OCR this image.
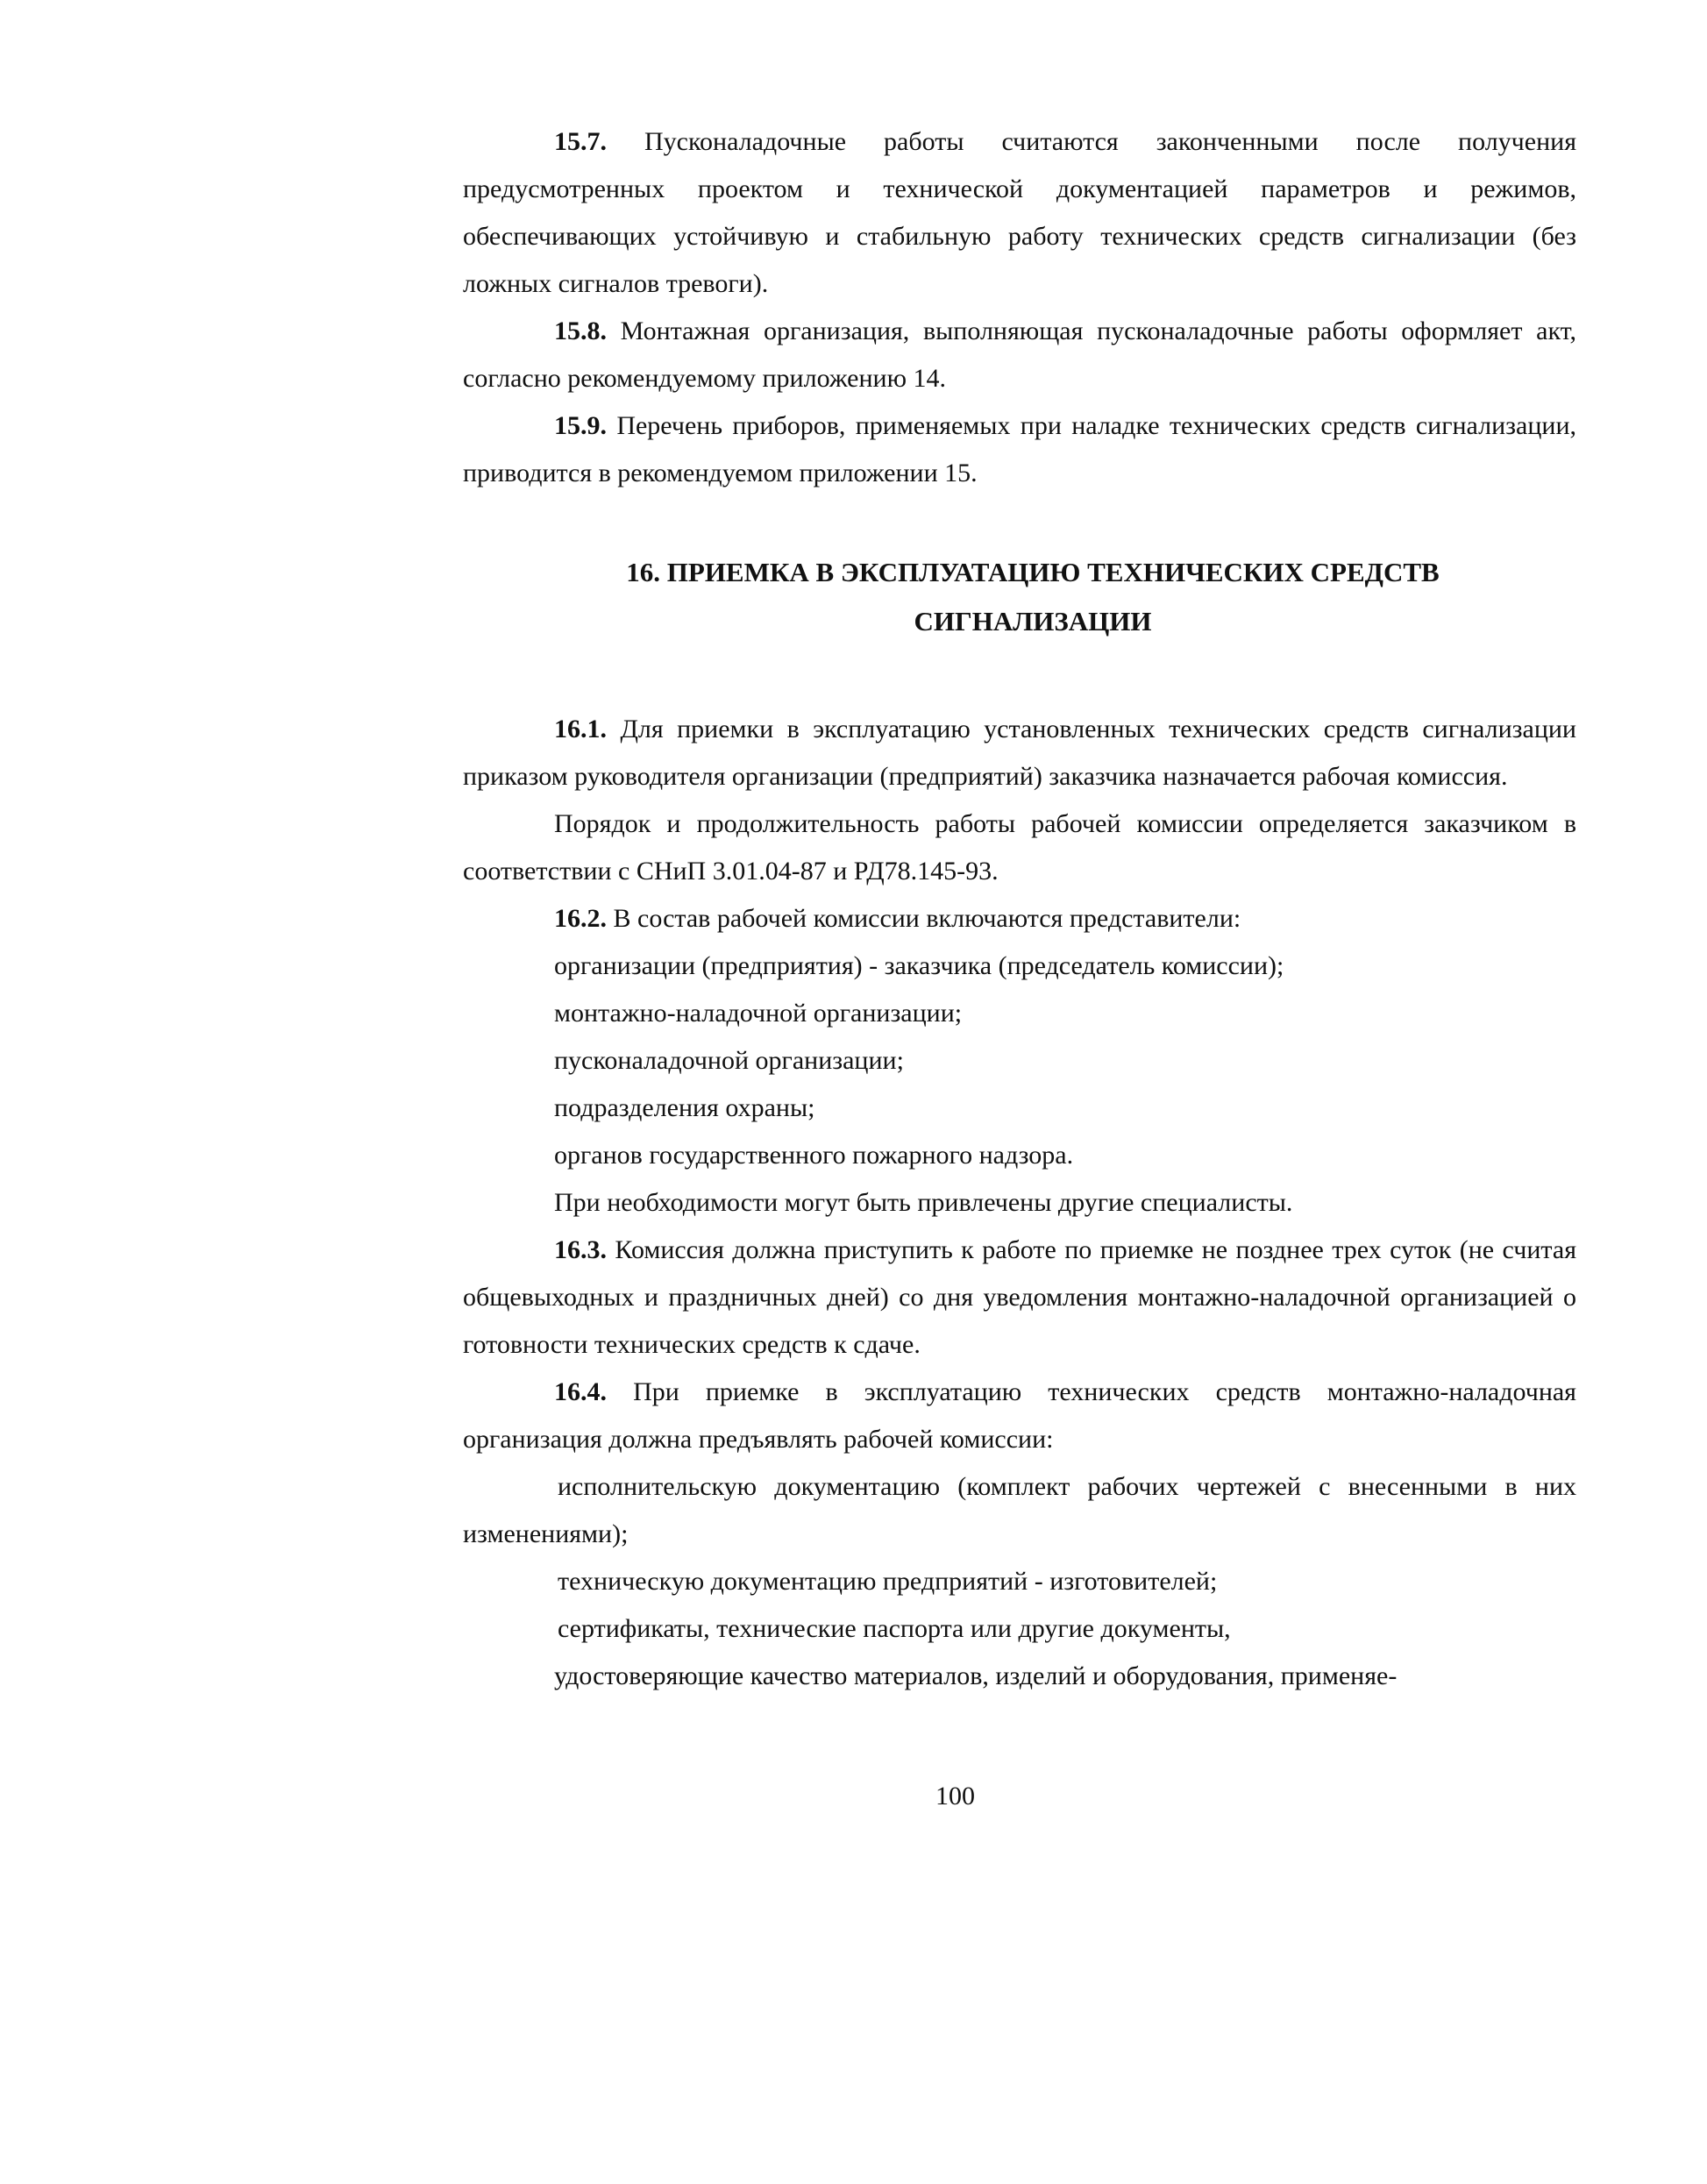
15.7. Пусконаладочные работы считаются законченными после получения предусмотренных проектом и технической документацией параметров и режимов, обеспечивающих устойчивую и стабильную работу технических средств сигнализации (без ложных сигналов тревоги).

15.8. Монтажная организация, выполняющая пусконаладочные работы оформляет акт, согласно рекомендуемому приложению 14.

15.9. Перечень приборов, применяемых при наладке технических средств сигнализации, приводится в рекомендуемом приложении 15.

16. ПРИЕМКА В ЭКСПЛУАТАЦИЮ ТЕХНИЧЕСКИХ СРЕДСТВ
СИГНАЛИЗАЦИИ

16.1. Для приемки в эксплуатацию установленных технических средств сигнализации приказом руководителя организации (предприятий) заказчика назначается рабочая комиссия.

Порядок и продолжительность работы рабочей комиссии определяется заказчиком в соответствии с СНиП 3.01.04-87 и РД78.145-93.

16.2. В состав рабочей комиссии включаются представители:

организации (предприятия) - заказчика (председатель комиссии);

монтажно-наладочной организации;

пусконаладочной организации;

подразделения охраны;

органов государственного пожарного надзора.

При необходимости могут быть привлечены другие специалисты.

16.3. Комиссия должна приступить к работе по приемке не позднее трех суток (не считая общевыходных и праздничных дней) со дня уведомления монтажно-наладочной организацией о готовности технических средств к сдаче.

16.4. При приемке в эксплуатацию технических средств монтажно-наладочная организация должна предъявлять рабочей комиссии:

исполнительскую документацию (комплект рабочих чертежей с внесенными в них изменениями);

техническую документацию предприятий - изготовителей;

сертификаты, технические паспорта или другие документы,

удостоверяющие качество материалов, изделий и оборудования, применяе-

100
